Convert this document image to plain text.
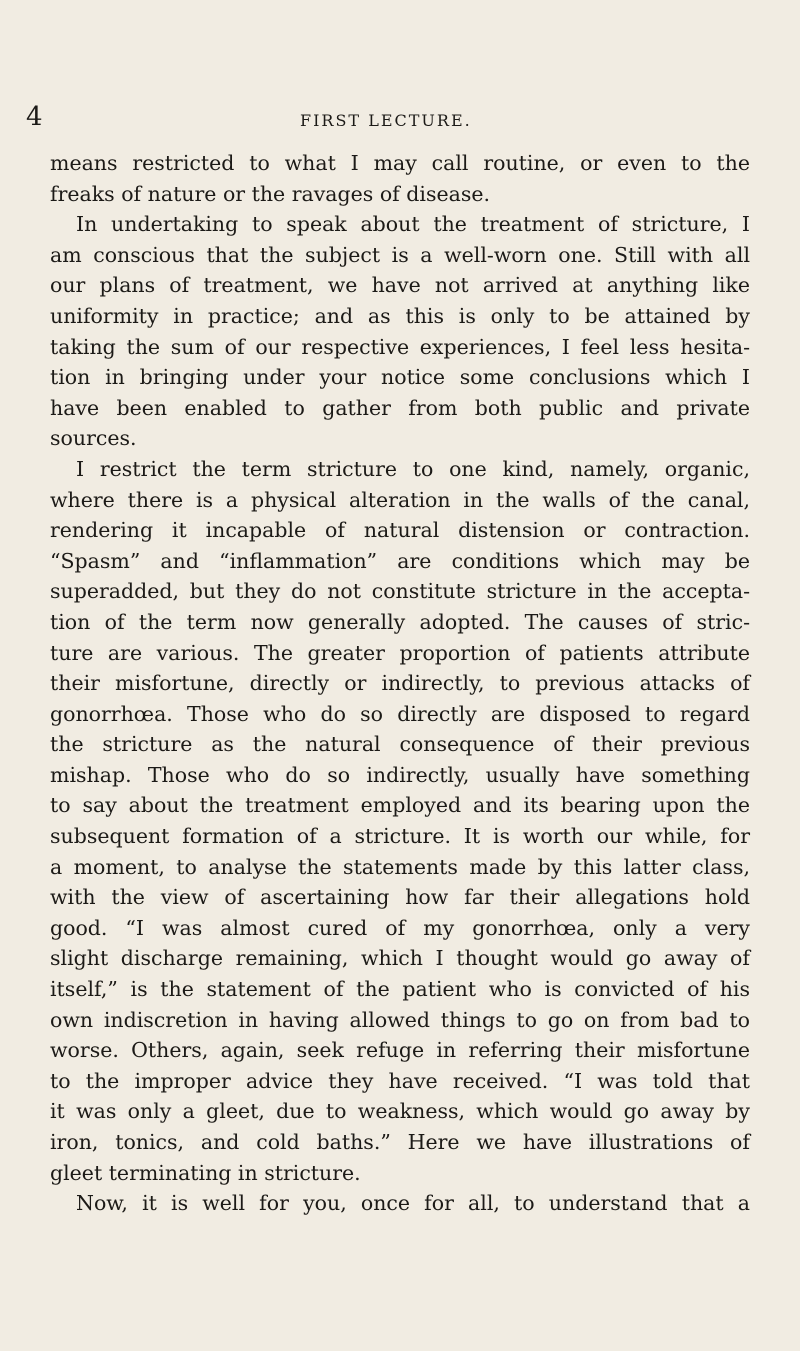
4	FIRST LECTURE.
means restricted to what I may call routine, or even to the
freaks of nature or the ravages of disease.
In undertaking to speak about the treatment of stricture, I
am conscious that the subject is a well-worn one. Still with all
our plans of treatment, we have not arrived at anything like
uniformity in practice; and as this is only to be attained by
taking the sum of our respective experiences, I feel less hesita-
tion in bringing under your notice some conclusions which I
have been enabled to gather from both public and private
sources.
I restrict the term stricture to one kind, namely, organic,
where there is a physical alteration in the walls of the canal,
rendering it incapable of natural distension or contraction.
“Spasm” and “inflammation” are conditions which may be
superadded, but they do not constitute stricture in the accepta-
tion of the term now generally adopted. The causes of stric-
ture are various. The greater proportion of patients attribute
their misfortune, directly or indirectly, to previous attacks of
gonorrhœa. Those who do so directly are disposed to regard
the stricture as the natural consequence of their previous
mishap. Those who do so indirectly, usually have something
to say about the treatment employed and its bearing upon the
subsequent formation of a stricture. It is worth our while, for
a moment, to analyse the statements made by this latter class,
with the view of ascertaining how far their allegations hold
good. “I was almost cured of my gonorrhœa, only a very
slight discharge remaining, which I thought would go away of
itself,” is the statement of the patient who is convicted of his
own indiscretion in having allowed things to go on from bad to
worse. Others, again, seek refuge in referring their misfortune
to the improper advice they have received. “I was told that
it was only a gleet, due to weakness, which would go away by
iron, tonics, and cold baths.” Here we have illustrations of
gleet terminating in stricture.
Now, it is well for you, once for all, to understand that a
